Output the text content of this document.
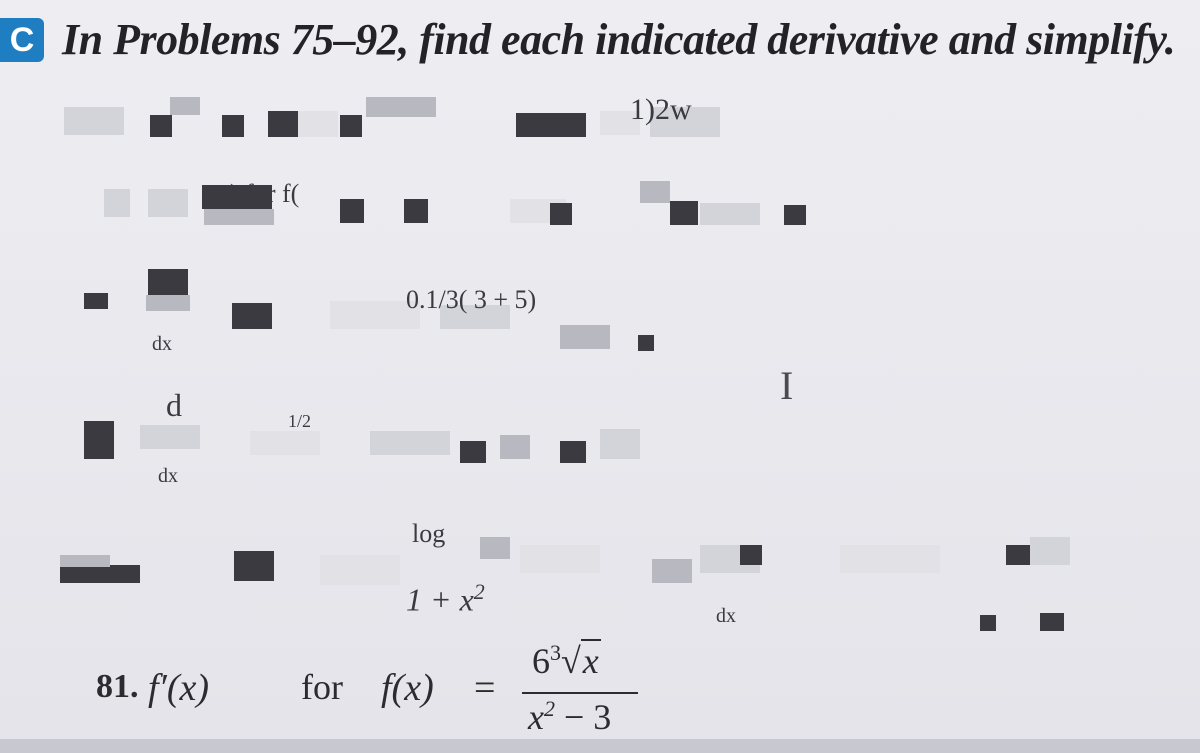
C In Problems 75–92, find each indicated derivative and simplify.
1)2w
) for f(
0.1/3( 3 + 5)
dx
d	1/2
dx
log
$1 + x^2$
dx
I
81. f′(x)	for f(x) =
$6^3√x$
$x^2 - 3$
